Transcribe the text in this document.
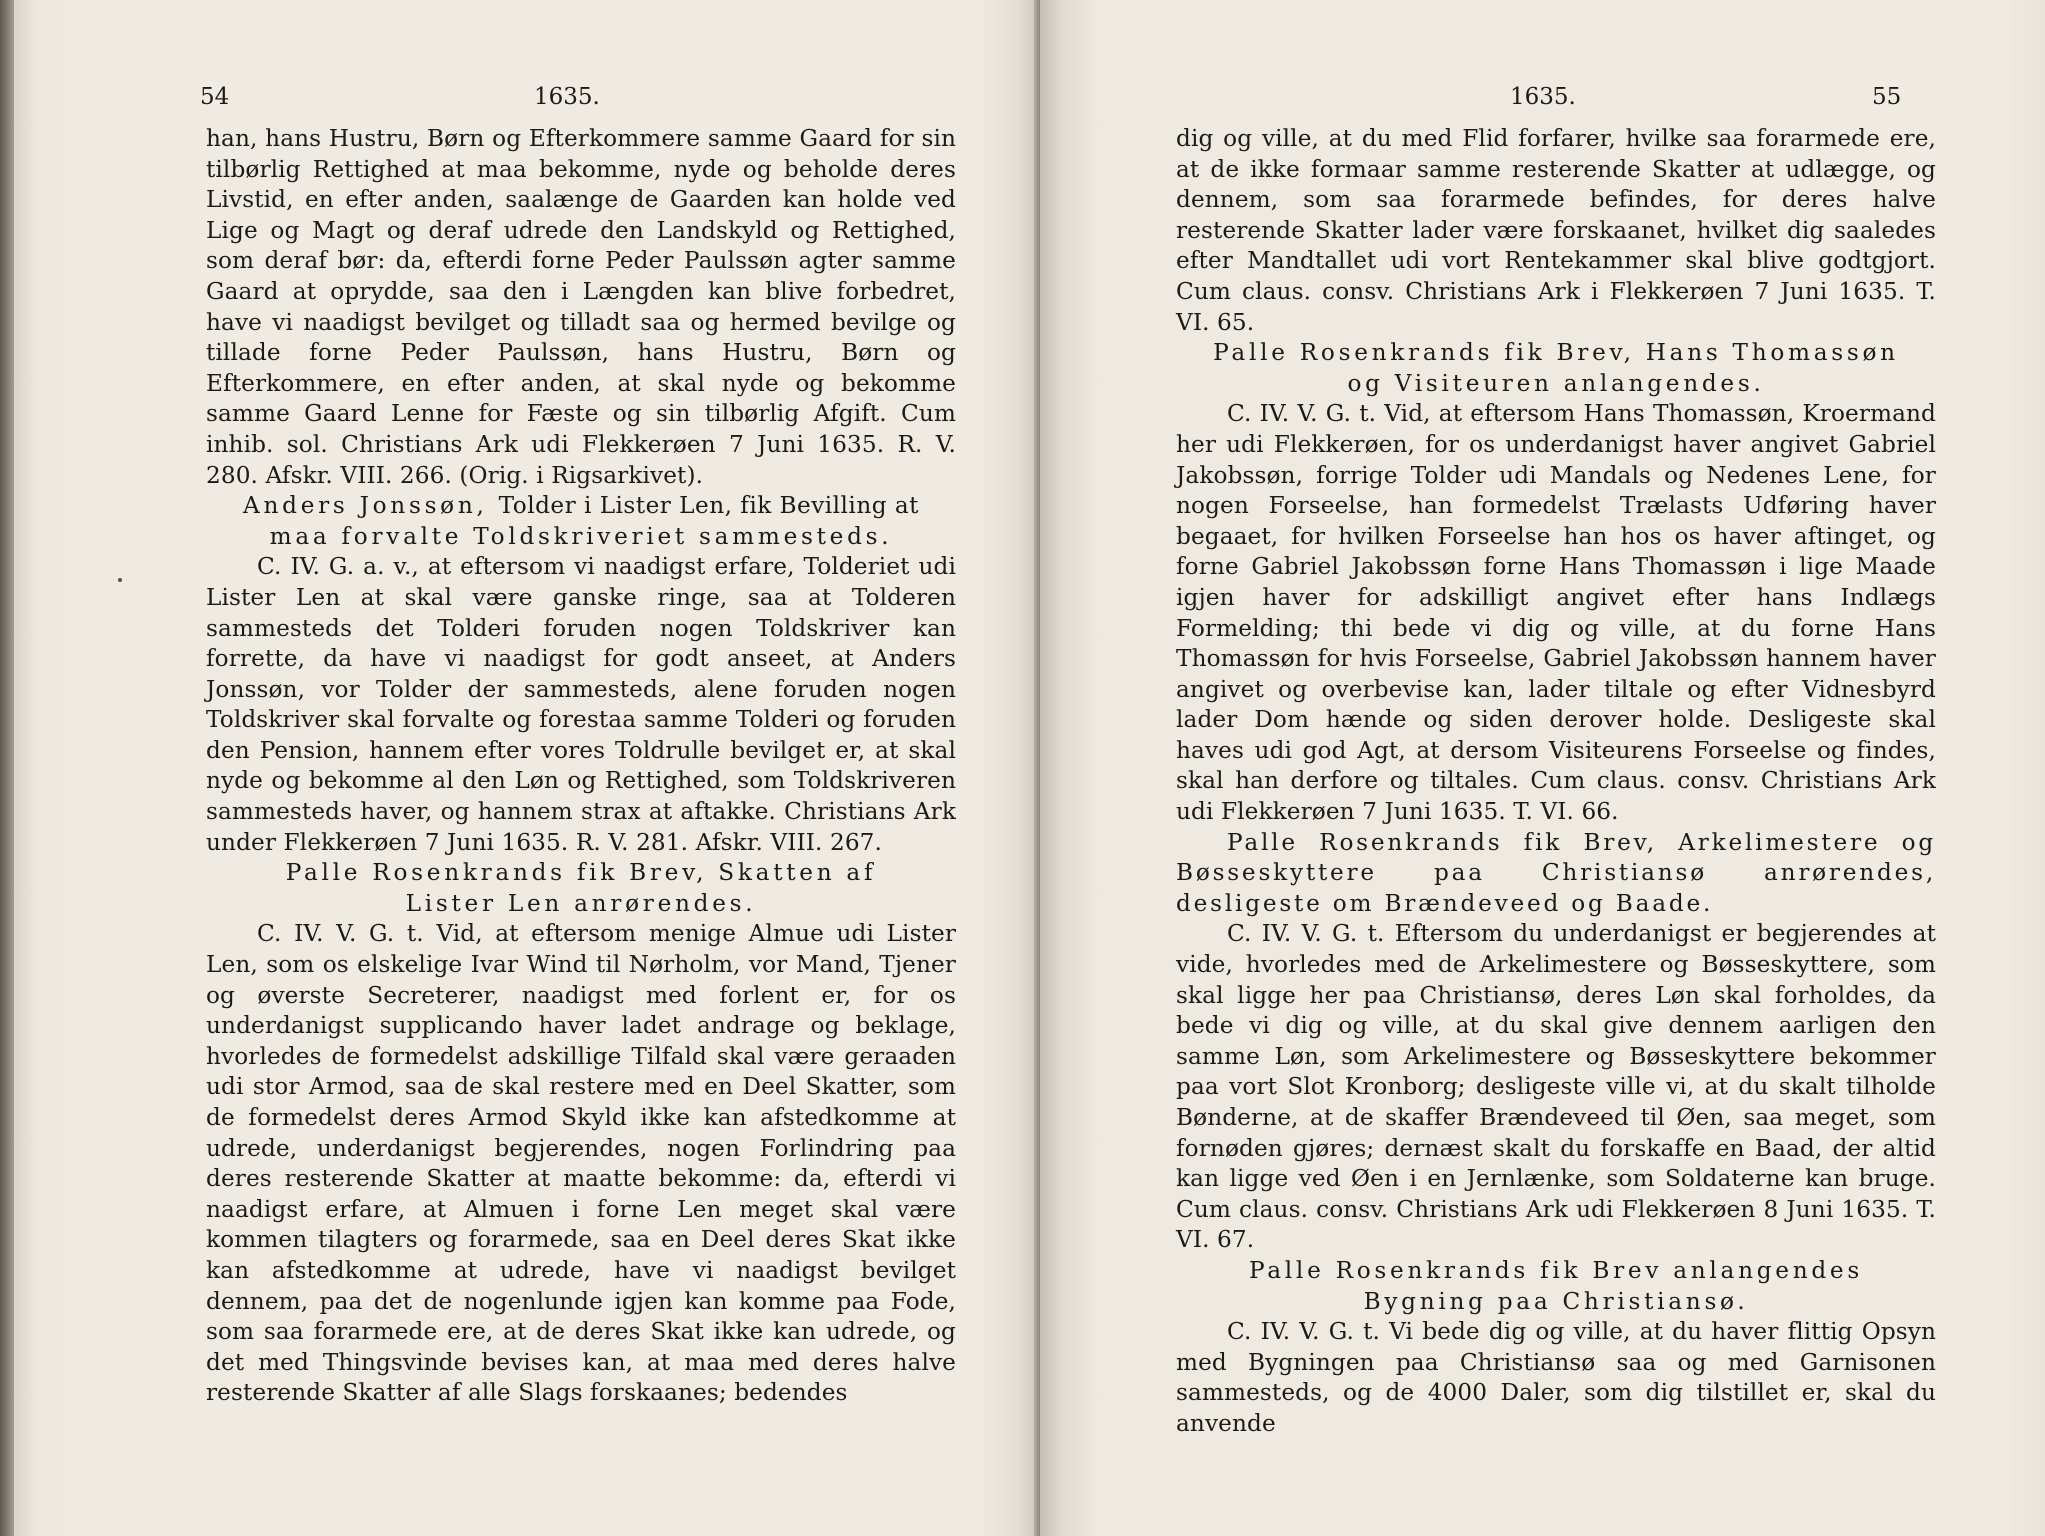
54	1635.

han, hans Hustru, Børn og Efterkommere samme Gaard for sin tilbørlig Rettighed at maa bekomme, nyde og beholde deres Livstid, en efter anden, saalænge de Gaarden kan holde ved Lige og Magt og deraf udrede den Landskyld og Rettighed, som deraf bør: da, efterdi forne Peder Paulssøn agter samme Gaard at oprydde, saa den i Længden kan blive forbedret, have vi naadigst bevilget og tilladt saa og hermed bevilge og tillade forne Peder Paulssøn, hans Hustru, Børn og Efterkommere, en efter anden, at skal nyde og bekomme samme Gaard Lenne for Fæste og sin tilbørlig Afgift. Cum inhib. sol. Christians Ark udi Flekkerøen 7 Juni 1635. R. V. 280. Afskr. VIII. 266. (Orig. i Rigsarkivet).

Anders Jonssøn, Tolder i Lister Len, fik Bevilling at
maa forvalte Toldskriveriet sammesteds.

C. IV. G. a. v., at eftersom vi naadigst erfare, Tolderiet udi Lister Len at skal være ganske ringe, saa at Tolderen sammesteds det Tolderi foruden nogen Toldskriver kan forrette, da have vi naadigst for godt anseet, at Anders Jonssøn, vor Tolder der sammesteds, alene foruden nogen Toldskriver skal forvalte og forestaa samme Tolderi og foruden den Pension, hannem efter vores Toldrulle bevilget er, at skal nyde og bekomme al den Løn og Rettighed, som Toldskriveren sammesteds haver, og hannem strax at aftakke. Christians Ark under Flekkerøen 7 Juni 1635. R. V. 281. Afskr. VIII. 267.

Palle Rosenkrands fik Brev, Skatten af
Lister Len anrørendes.

C. IV. V. G. t. Vid, at eftersom menige Almue udi Lister Len, som os elskelige Ivar Wind til Nørholm, vor Mand, Tjener og øverste Secreterer, naadigst med forlent er, for os underdanigst supplicando haver ladet andrage og beklage, hvorledes de formedelst adskillige Tilfald skal være geraaden udi stor Armod, saa de skal restere med en Deel Skatter, som de formedelst deres Armod Skyld ikke kan afstedkomme at udrede, underdanigst begjerendes, nogen Forlindring paa deres resterende Skatter at maatte bekomme: da, efterdi vi naadigst erfare, at Almuen i forne Len meget skal være kommen tilagters og forarmede, saa en Deel deres Skat ikke kan afstedkomme at udrede, have vi naadigst bevilget dennem, paa det de nogenlunde igjen kan komme paa Fode, som saa forarmede ere, at de deres Skat ikke kan udrede, og det med Thingsvinde bevises kan, at maa med deres halve resterende Skatter af alle Slags forskaanes; bedendes

1635.	55

dig og ville, at du med Flid forfarer, hvilke saa forarmede ere, at de ikke formaar samme resterende Skatter at udlægge, og dennem, som saa forarmede befindes, for deres halve resterende Skatter lader være forskaanet, hvilket dig saaledes efter Mandtallet udi vort Rentekammer skal blive godtgjort. Cum claus. consv. Christians Ark i Flekkerøen 7 Juni 1635. T. VI. 65.

Palle Rosenkrands fik Brev, Hans Thomassøn
og Visiteuren anlangendes.

C. IV. V. G. t. Vid, at eftersom Hans Thomassøn, Kroermand her udi Flekkerøen, for os underdanigst haver angivet Gabriel Jakobssøn, forrige Tolder udi Mandals og Nedenes Lene, for nogen Forseelse, han formedelst Trælasts Udføring haver begaaet, for hvilken Forseelse han hos os haver aftinget, og forne Gabriel Jakobssøn forne Hans Thomassøn i lige Maade igjen haver for adskilligt angivet efter hans Indlægs Formelding; thi bede vi dig og ville, at du forne Hans Thomassøn for hvis Forseelse, Gabriel Jakobssøn hannem haver angivet og overbevise kan, lader tiltale og efter Vidnesbyrd lader Dom hænde og siden derover holde. Desligeste skal haves udi god Agt, at dersom Visiteurens Forseelse og findes, skal han derfore og tiltales. Cum claus. consv. Christians Ark udi Flekkerøen 7 Juni 1635. T. VI. 66.

Palle Rosenkrands fik Brev, Arkelimestere og Bøsseskyttere paa Christiansø anrørendes, desligeste om Brændeveed og Baade.

C. IV. V. G. t. Eftersom du underdanigst er begjerendes at vide, hvorledes med de Arkelimestere og Bøsseskyttere, som skal ligge her paa Christiansø, deres Løn skal forholdes, da bede vi dig og ville, at du skal give dennem aarligen den samme Løn, som Arkelimestere og Bøsseskyttere bekommer paa vort Slot Kronborg; desligeste ville vi, at du skalt tilholde Bønderne, at de skaffer Brændeveed til Øen, saa meget, som fornøden gjøres; dernæst skalt du forskaffe en Baad, der altid kan ligge ved Øen i en Jernlænke, som Soldaterne kan bruge. Cum claus. consv. Christians Ark udi Flekkerøen 8 Juni 1635. T. VI. 67.

Palle Rosenkrands fik Brev anlangendes
Bygning paa Christiansø.

C. IV. V. G. t. Vi bede dig og ville, at du haver flittig Opsyn med Bygningen paa Christiansø saa og med Garnisonen sammesteds, og de 4000 Daler, som dig tilstillet er, skal du anvende
